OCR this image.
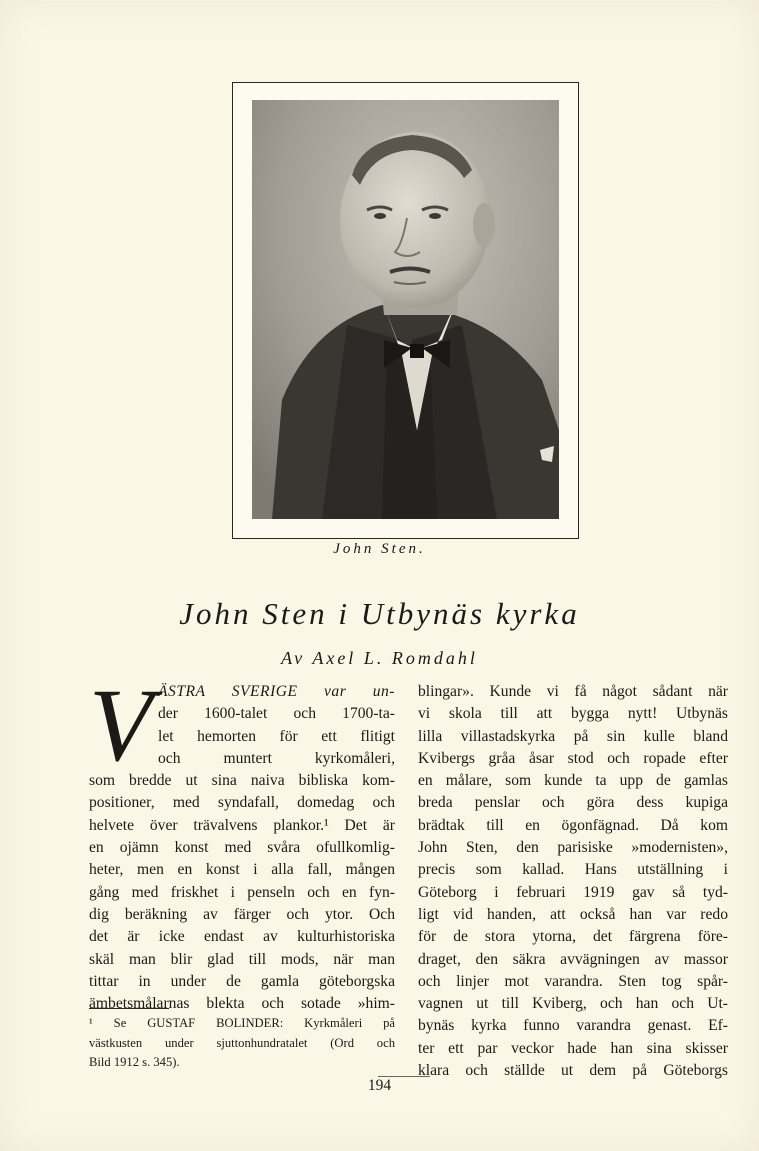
John Sten.
John Sten i Utbynäs kyrka
Av Axel L. Romdahl
V ÄSTRA SVERIGE var un-
der 1600-talet och 1700-ta-
let hemorten för ett flitigt
och muntert kyrkomåleri,
som bredde ut sina naiva bibliska kom-
positioner, med syndafall, domedag och
helvete över trävalvens plankor.¹ Det är
en ojämn konst med svåra ofullkomlig-
heter, men en konst i alla fall, mången
gång med friskhet i penseln och en fyn-
dig beräkning av färger och ytor. Och
det är icke endast av kulturhistoriska
skäl man blir glad till mods, när man
tittar in under de gamla göteborgska
ämbetsmålarnas blekta och sotade »him-
¹ Se GUSTAF BOLINDER: Kyrkmåleri på
västkusten under sjuttonhundratalet (Ord och
Bild 1912 s. 345).
blingar». Kunde vi få något sådant när
vi skola till att bygga nytt! Utbynäs
lilla villastadskyrka på sin kulle bland
Kvibergs gråa åsar stod och ropade efter
en målare, som kunde ta upp de gamlas
breda penslar och göra dess kupiga
brädtak till en ögonfägnad. Då kom
John Sten, den parisiske »modernisten»,
precis som kallad. Hans utställning i
Göteborg i februari 1919 gav så tyd-
ligt vid handen, att också han var redo
för de stora ytorna, det färgrena före-
draget, den säkra avvägningen av massor
och linjer mot varandra. Sten tog spår-
vagnen ut till Kviberg, och han och Ut-
bynäs kyrka funno varandra genast. Ef-
ter ett par veckor hade han sina skisser
klara och ställde ut dem på Göteborgs
194
